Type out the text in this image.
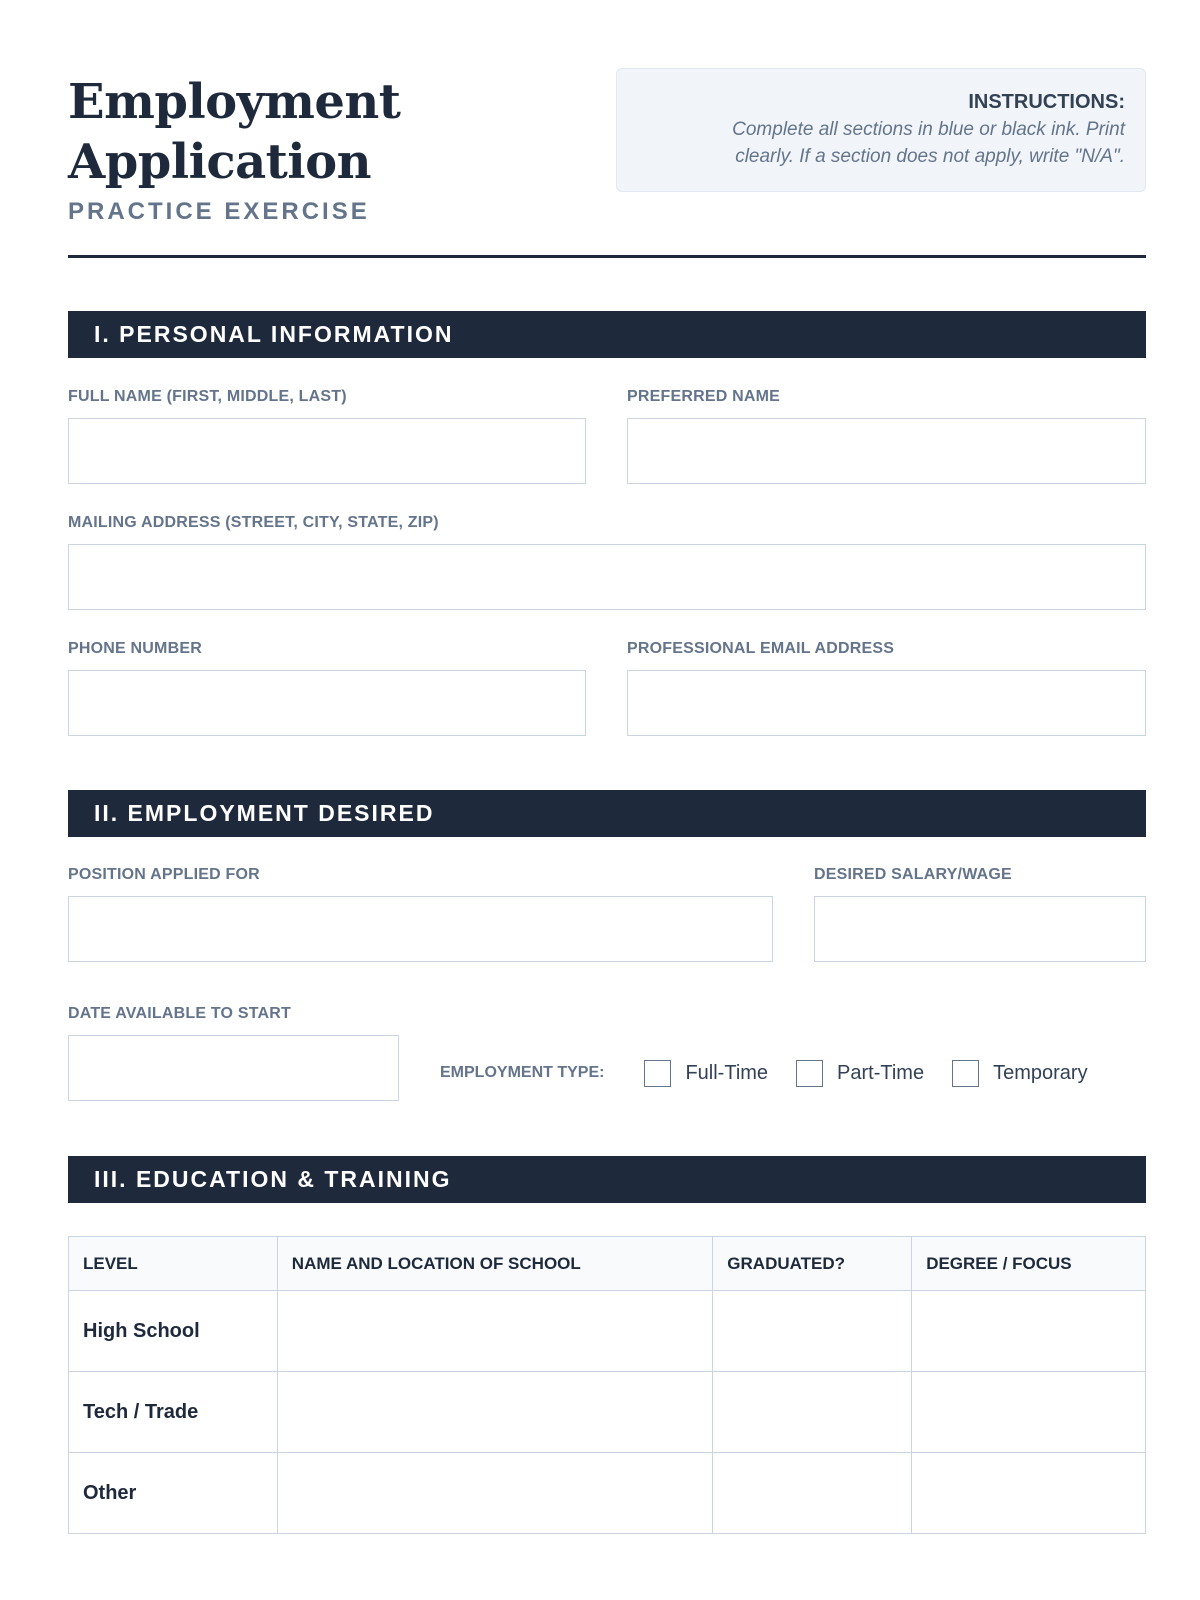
Employment
Application
PRACTICE EXERCISE
INSTRUCTIONS:
Complete all sections in blue or black ink. Print
clearly. If a section does not apply, write "N/A".
I. PERSONAL INFORMATION
FULL NAME (FIRST, MIDDLE, LAST)	PREFERRED NAME
MAILING ADDRESS (STREET, CITY, STATE, ZIP)
PHONE NUMBER	PROFESSIONAL EMAIL ADDRESS
II. EMPLOYMENT DESIRED
POSITION APPLIED FOR	DESIRED SALARY/WAGE
DATE AVAILABLE TO START
EMPLOYMENT TYPE:	Full-Time	Part-Time	Temporary
III. EDUCATION & TRAINING
LEVEL	NAME AND LOCATION OF SCHOOL	GRADUATED?	DEGREE / FOCUS
High School			
Tech / Trade			
Other			
